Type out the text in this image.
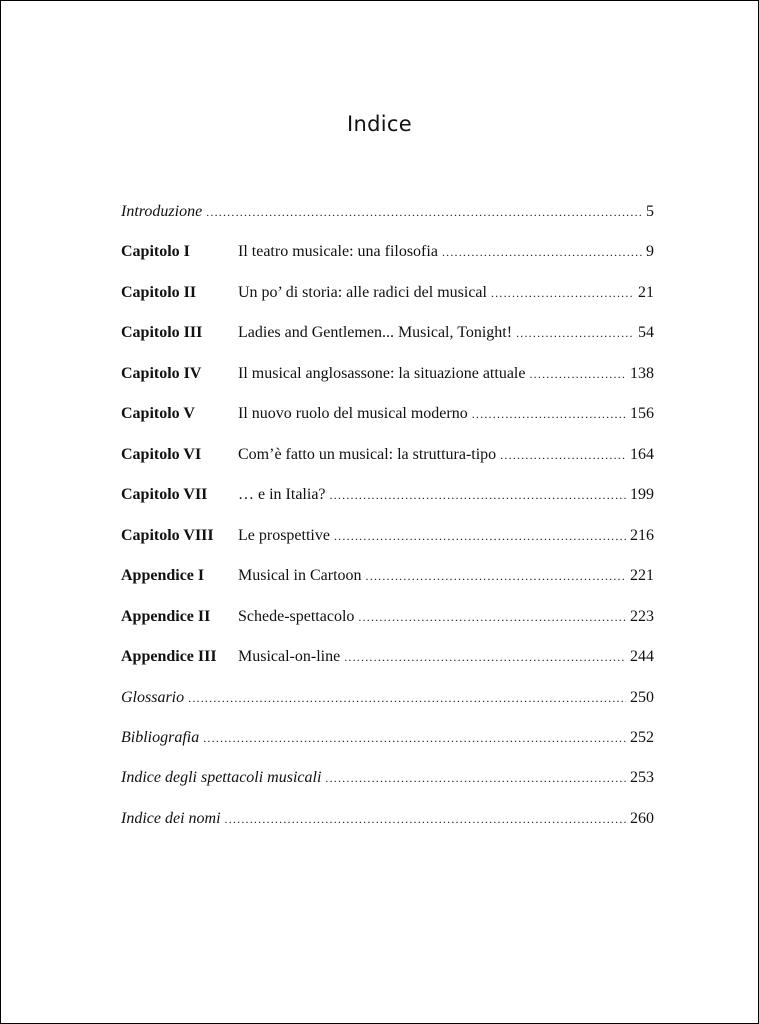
Indice
Introduzione .....	5
Capitolo I	Il teatro musicale: una filosofia .....	9
Capitolo II	Un po’ di storia: alle radici del musical .....	21
Capitolo III	Ladies and Gentlemen... Musical, Tonight! .....	54
Capitolo IV	Il musical anglosassone: la situazione attuale .....	138
Capitolo V	Il nuovo ruolo del musical moderno .....	156
Capitolo VI	Com’è fatto un musical: la struttura-tipo .....	164
Capitolo VII	… e in Italia? .....	199
Capitolo VIII	Le prospettive .....	216
Appendice I	Musical in Cartoon .....	221
Appendice II	Schede-spettacolo .....	223
Appendice III	Musical-on-line .....	244
Glossario .....	250
Bibliografia .....	252
Indice degli spettacoli musicali .....	253
Indice dei nomi .....	260
